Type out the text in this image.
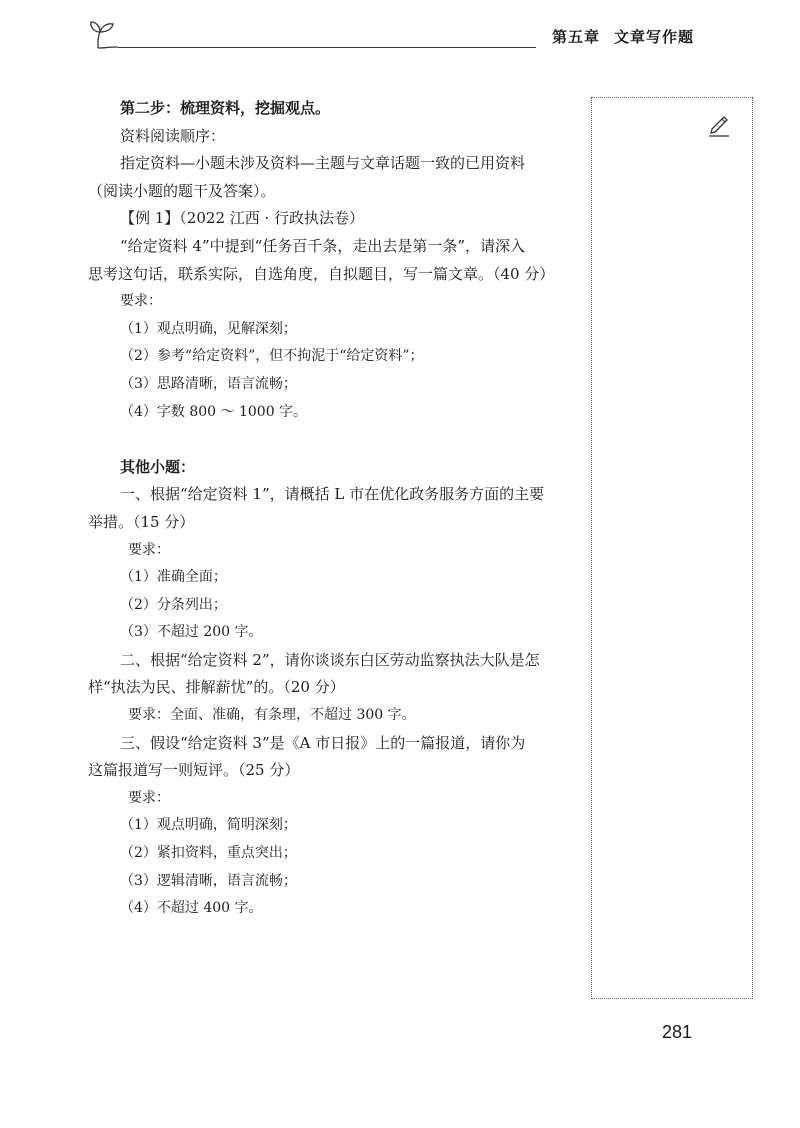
第五章 文章写作题
第二步：梳理资料，挖掘观点。
资料阅读顺序：
指定资料—小题未涉及资料—主题与文章话题一致的已用资料
（阅读小题的题干及答案）。
【例 1】（2022 江西 · 行政执法卷）
“给定资料 4”中提到“任务百千条，走出去是第一条”，请深入
思考这句话，联系实际，自选角度，自拟题目，写一篇文章。（40 分）
要求：
（1）观点明确，见解深刻；
（2）参考“给定资料”，但不拘泥于“给定资料”；
（3）思路清晰，语言流畅；
（4）字数 800 ～ 1000 字。
其他小题：
一、根据“给定资料 1”，请概括 L 市在优化政务服务方面的主要
举措。（15 分）
要求：
（1）准确全面；
（2）分条列出；
（3）不超过 200 字。
二、根据“给定资料 2”，请你谈谈东白区劳动监察执法大队是怎
样“执法为民、排解薪忧”的。（20 分）
要求：全面、准确，有条理，不超过 300 字。
三、假设“给定资料 3”是《A 市日报》上的一篇报道，请你为
这篇报道写一则短评。（25 分）
要求：
（1）观点明确，简明深刻；
（2）紧扣资料，重点突出；
（3）逻辑清晰，语言流畅；
（4）不超过 400 字。
281
